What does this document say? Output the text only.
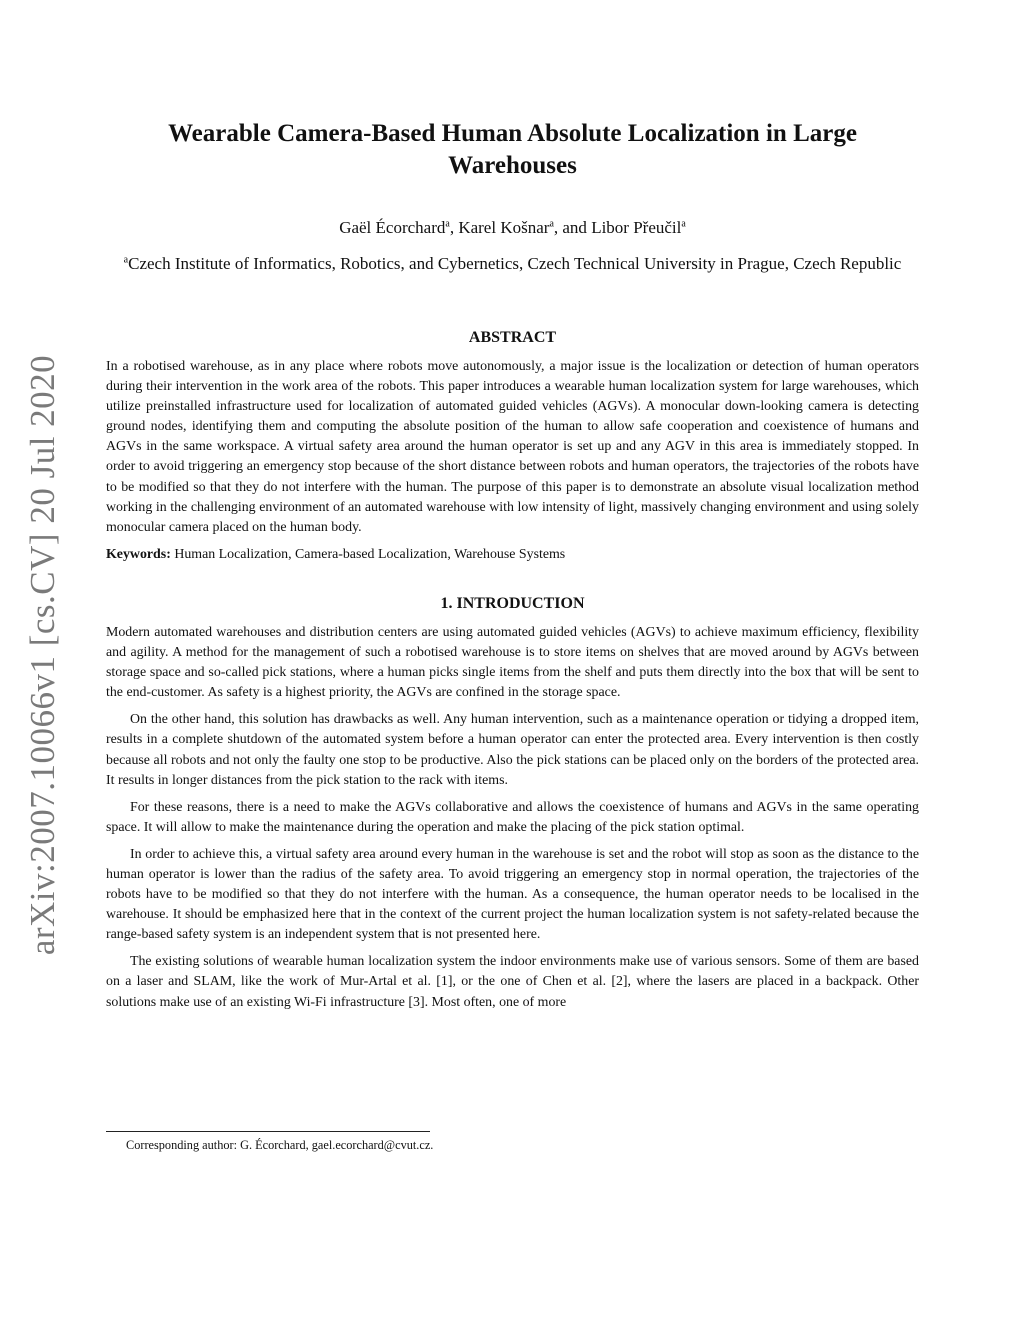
arXiv:2007.10066v1 [cs.CV] 20 Jul 2020
Wearable Camera-Based Human Absolute Localization in Large Warehouses
Gaël Écorchard$^a$, Karel Košnar$^a$, and Libor Přeučil$^a$
$^a$Czech Institute of Informatics, Robotics, and Cybernetics, Czech Technical University in Prague, Czech Republic
ABSTRACT

In a robotised warehouse, as in any place where robots move autonomously, a major issue is the localization or detection of human operators during their intervention in the work area of the robots. This paper introduces a wearable human localization system for large warehouses, which utilize preinstalled infrastructure used for localization of automated guided vehicles (AGVs). A monocular down-looking camera is detecting ground nodes, identifying them and computing the absolute position of the human to allow safe cooperation and coexistence of humans and AGVs in the same workspace. A virtual safety area around the human operator is set up and any AGV in this area is immediately stopped. In order to avoid triggering an emergency stop because of the short distance between robots and human operators, the trajectories of the robots have to be modified so that they do not interfere with the human. The purpose of this paper is to demonstrate an absolute visual localization method working in the challenging environment of an automated warehouse with low intensity of light, massively changing environment and using solely monocular camera placed on the human body.

Keywords: Human Localization, Camera-based Localization, Warehouse Systems

1. INTRODUCTION

Modern automated warehouses and distribution centers are using automated guided vehicles (AGVs) to achieve maximum efficiency, flexibility and agility. A method for the management of such a robotised warehouse is to store items on shelves that are moved around by AGVs between storage space and so-called pick stations, where a human picks single items from the shelf and puts them directly into the box that will be sent to the end-customer. As safety is a highest priority, the AGVs are confined in the storage space.

On the other hand, this solution has drawbacks as well. Any human intervention, such as a maintenance operation or tidying a dropped item, results in a complete shutdown of the automated system before a human operator can enter the protected area. Every intervention is then costly because all robots and not only the faulty one stop to be productive. Also the pick stations can be placed only on the borders of the protected area. It results in longer distances from the pick station to the rack with items.

For these reasons, there is a need to make the AGVs collaborative and allows the coexistence of humans and AGVs in the same operating space. It will allow to make the maintenance during the operation and make the placing of the pick station optimal.

In order to achieve this, a virtual safety area around every human in the warehouse is set and the robot will stop as soon as the distance to the human operator is lower than the radius of the safety area. To avoid triggering an emergency stop in normal operation, the trajectories of the robots have to be modified so that they do not interfere with the human. As a consequence, the human operator needs to be localised in the warehouse. It should be emphasized here that in the context of the current project the human localization system is not safety-related because the range-based safety system is an independent system that is not presented here.

The existing solutions of wearable human localization system the indoor environments make use of various sensors. Some of them are based on a laser and SLAM, like the work of Mur-Artal et al. [1], or the one of Chen et al. [2], where the lasers are placed in a backpack. Other solutions make use of an existing Wi-Fi infrastructure [3]. Most often, one of more

Corresponding author: G. Écorchard, gael.ecorchard@cvut.cz.
